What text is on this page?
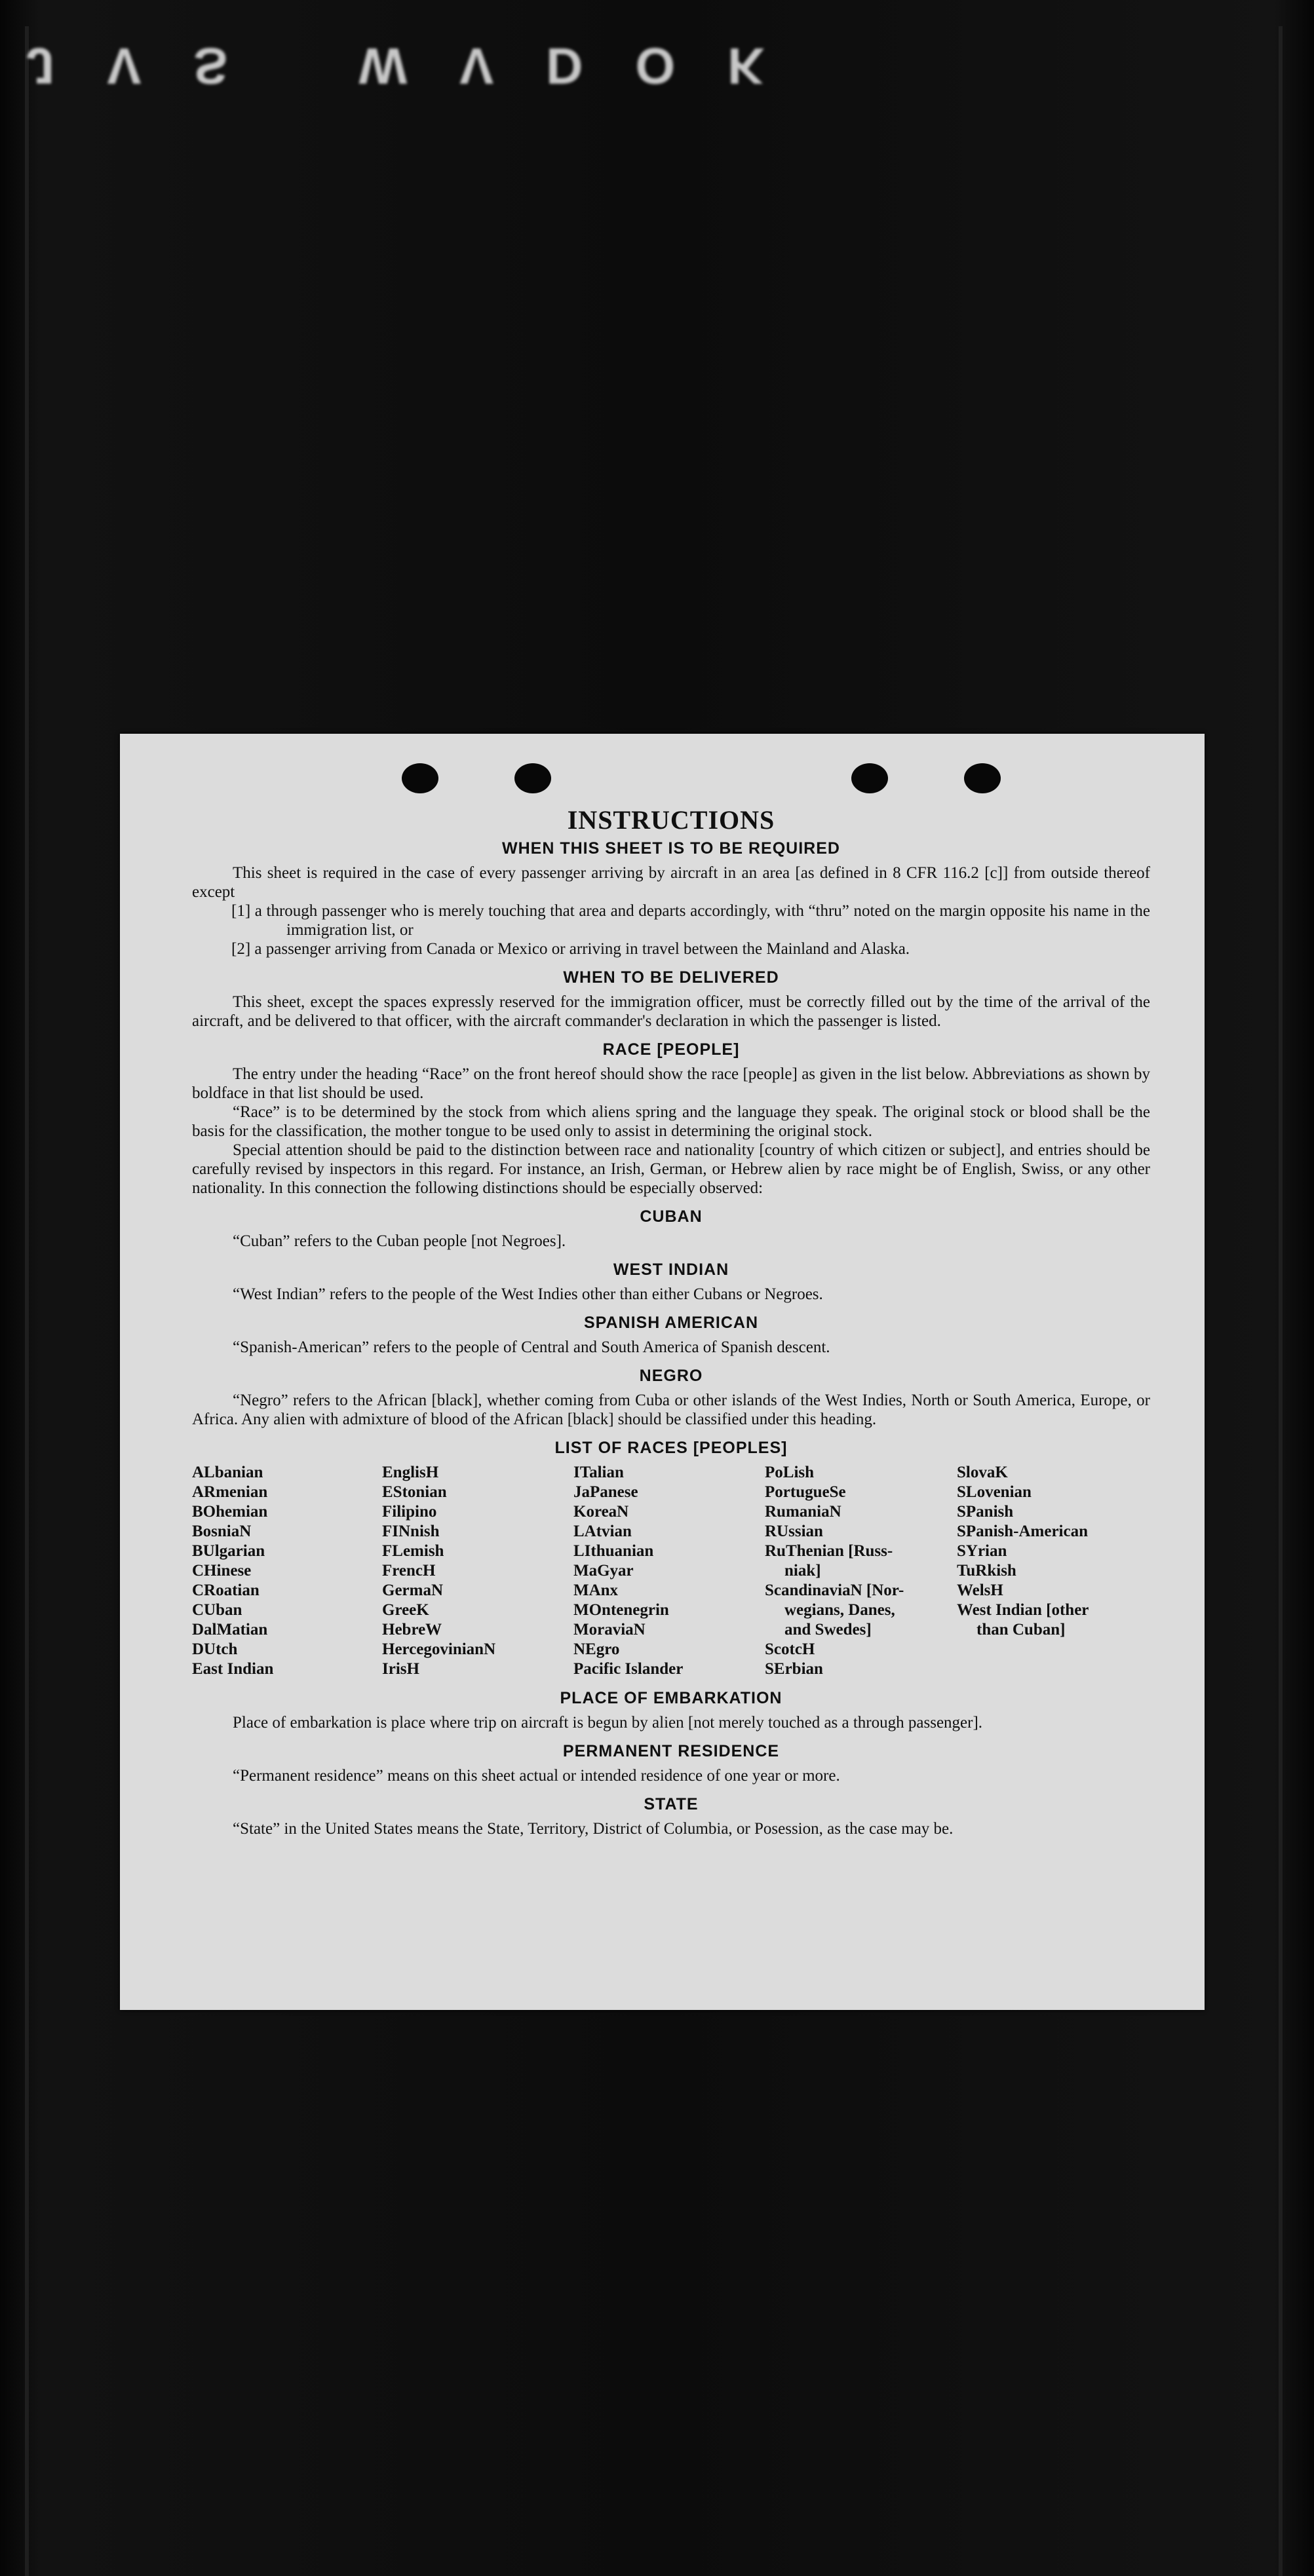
J V S W V D O K
INSTRUCTIONS
WHEN THIS SHEET IS TO BE REQUIRED

This sheet is required in the case of every passenger arriving by aircraft in an area [as defined in 8 CFR 116.2 [c]] from outside thereof except

[1] a through passenger who is merely touching that area and departs accordingly, with “thru” noted on the margin opposite his name in the immigration list, or
[2] a passenger arriving from Canada or Mexico or arriving in travel between the Mainland and Alaska.
WHEN TO BE DELIVERED

This sheet, except the spaces expressly reserved for the immigration officer, must be correctly filled out by the time of the arrival of the aircraft, and be delivered to that officer, with the aircraft commander's declaration in which the passenger is listed.

RACE [PEOPLE]

The entry under the heading “Race” on the front hereof should show the race [people] as given in the list below. Abbreviations as shown by boldface in that list should be used.

“Race” is to be determined by the stock from which aliens spring and the language they speak. The original stock or blood shall be the basis for the classification, the mother tongue to be used only to assist in determining the original stock.

Special attention should be paid to the distinction between race and nationality [country of which citizen or subject], and entries should be carefully revised by inspectors in this regard. For instance, an Irish, German, or Hebrew alien by race might be of English, Swiss, or any other nationality. In this connection the following distinctions should be especially observed:

CUBAN

“Cuban” refers to the Cuban people [not Negroes].

WEST INDIAN

“West Indian” refers to the people of the West Indies other than either Cubans or Negroes.

SPANISH AMERICAN

“Spanish-American” refers to the people of Central and South America of Spanish descent.

NEGRO

“Negro” refers to the African [black], whether coming from Cuba or other islands of the West Indies, North or South America, Europe, or Africa. Any alien with admixture of blood of the African [black] should be classified under this heading.

LIST OF RACES [PEOPLES]
ALbanian
ARmenian
BOhemian
BosniaN
BUlgarian
CHinese
CRoatian
CUban
DalMatian
DUtch
East Indian
EnglisH
EStonian
Filipino
FINnish
FLemish
FrencH
GermaN
GreeK
HebreW
HercegovinianN
IrisH
ITalian
JaPanese
KoreaN
LAtvian
LIthuanian
MaGyar
MAnx
MOntenegrin
MoraviaN
NEgro
Pacific Islander
PoLish
PortugueSe
RumaniaN
RUssian
RuThenian [Russ-
niak]
ScandinaviaN [Nor-
wegians, Danes,
and Swedes]
ScotcH
SErbian
SlovaK
SLovenian
SPanish
SPanish-American
SYrian
TuRkish
WelsH
West Indian [other
than Cuban]
PLACE OF EMBARKATION

Place of embarkation is place where trip on aircraft is begun by alien [not merely touched as a through passenger].

PERMANENT RESIDENCE

“Permanent residence” means on this sheet actual or intended residence of one year or more.

STATE

“State” in the United States means the State, Territory, District of Columbia, or Posession, as the case may be.
